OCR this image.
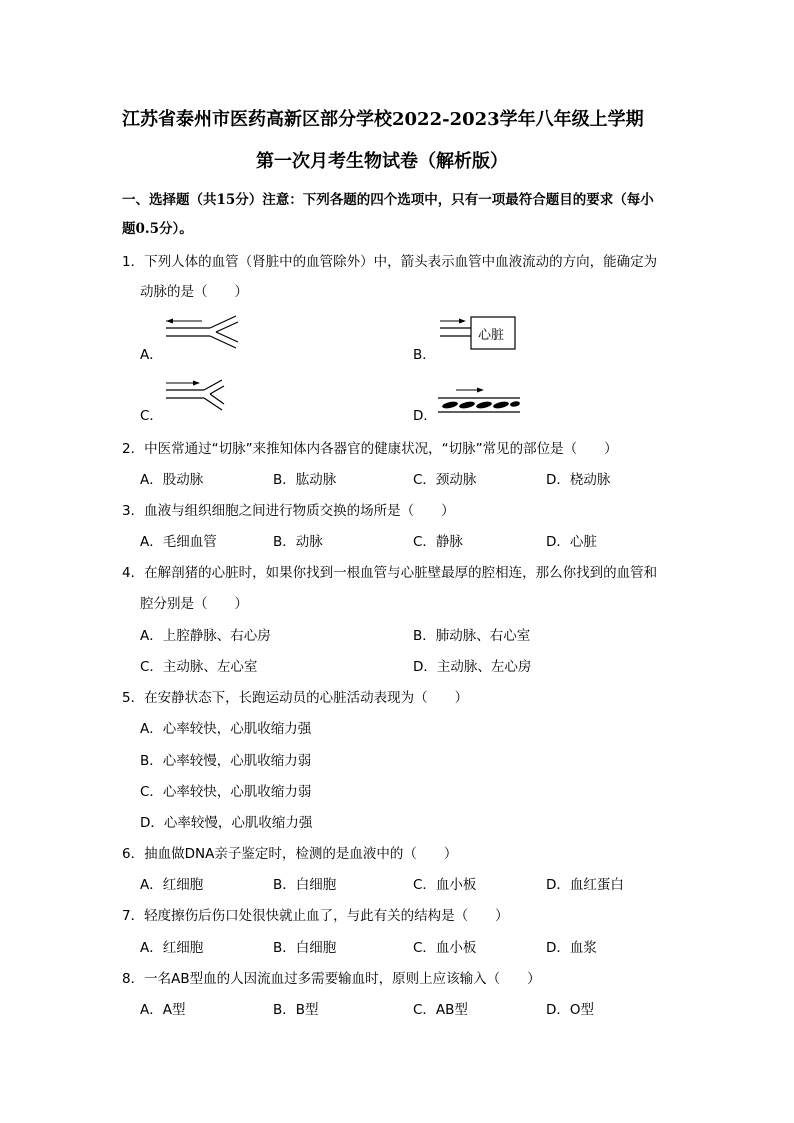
江苏省泰州市医药高新区部分学校2022-2023学年八年级上学期
第一次月考生物试卷（解析版）
一、选择题（共15分）注意：下列各题的四个选项中，只有一项最符合题目的要求（每小
题0.5分）。
1．下列人体的血管（肾脏中的血管除外）中，箭头表示血管中血液流动的方向，能确定为
动脉的是（　　）
A．	B．
心脏
C．	D．
2．中医常通过“切脉”来推知体内各器官的健康状况，“切脉”常见的部位是（　　）
A．股动脉	B．肱动脉	C．颈动脉	D．桡动脉
3．血液与组织细胞之间进行物质交换的场所是（　　）
A．毛细血管	B．动脉	C．静脉	D．心脏
4．在解剖猪的心脏时，如果你找到一根血管与心脏壁最厚的腔相连，那么你找到的血管和
腔分别是（　　）
A．上腔静脉、右心房	B．肺动脉、右心室
C．主动脉、左心室	D．主动脉、左心房
5．在安静状态下，长跑运动员的心脏活动表现为（　　）
A．心率较快，心肌收缩力强
B．心率较慢，心肌收缩力弱
C．心率较快，心肌收缩力弱
D．心率较慢，心肌收缩力强
6．抽血做DNA亲子鉴定时，检测的是血液中的（　　）
A．红细胞	B．白细胞	C．血小板	D．血红蛋白
7．轻度擦伤后伤口处很快就止血了，与此有关的结构是（　　）
A．红细胞	B．白细胞	C．血小板	D．血浆
8．一名AB型血的人因流血过多需要输血时，原则上应该输入（　　）
A．A型	B．B型	C．AB型	D．O型
